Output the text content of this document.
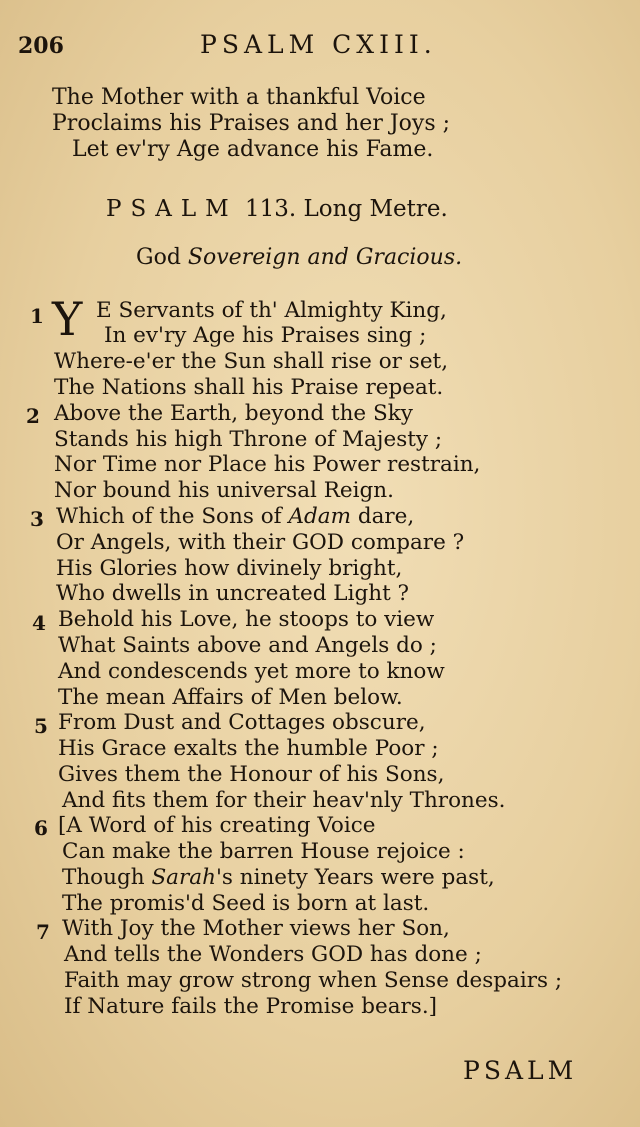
206	PSALM CXIII.
The Mother with a thankful Voice
Proclaims his Praises and her Joys ;
Let ev'ry Age advance his Fame.
PSALM 113. Long Metre.
God Sovereign and Gracious.
1 Y E Servants of th' Almighty King,
In ev'ry Age his Praises sing ;
Where-e'er the Sun shall rise or set,
The Nations shall his Praise repeat.
2 Above the Earth, beyond the Sky
Stands his high Throne of Majesty ;
Nor Time nor Place his Power restrain,
Nor bound his universal Reign.
3 Which of the Sons of Adam dare,
Or Angels, with their GOD compare ?
His Glories how divinely bright,
Who dwells in uncreated Light ?
4 Behold his Love, he stoops to view
What Saints above and Angels do ;
And condescends yet more to know
The mean Affairs of Men below.
5 From Dust and Cottages obscure,
His Grace exalts the humble Poor ;
Gives them the Honour of his Sons,
And fits them for their heav'nly Thrones.
6 [A Word of his creating Voice
Can make the barren House rejoice :
Though Sarah's ninety Years were past,
The promis'd Seed is born at last.
7 With Joy the Mother views her Son,
And tells the Wonders GOD has done ;
Faith may grow strong when Sense despairs ;
If Nature fails the Promise bears.]
PSALM
